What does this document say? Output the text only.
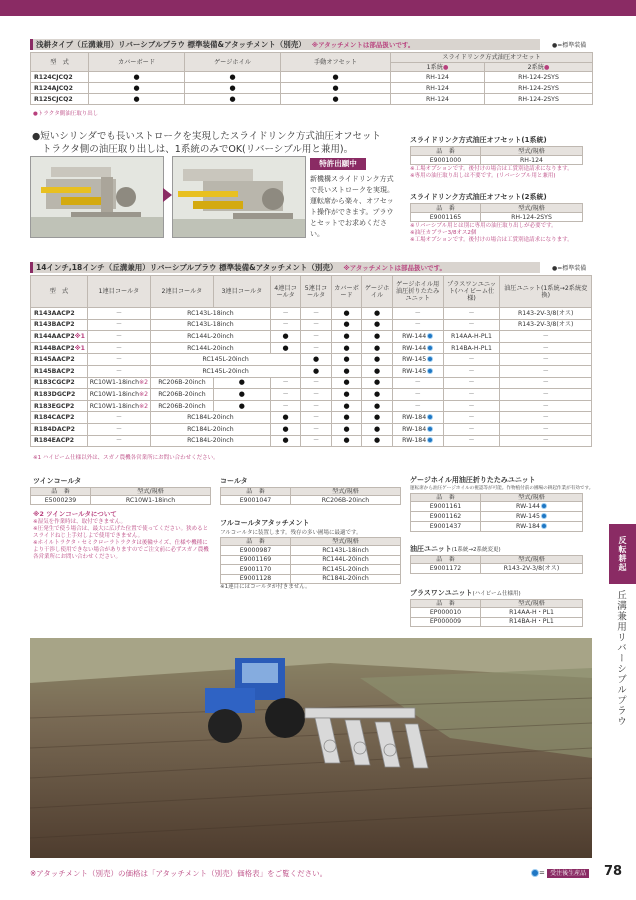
浅耕タイプ（丘溝兼用）リバーシブルプラウ 標準装備&アタッチメント（別売） ※アタッチメントは部品扱いです。	●=標準装備
型　式	カバーボード	ゲージホイル	手動オフセット	スライドリンク方式油圧オフセット	
				1系統●	2系統●
R124CJCQ2	●	●	●	RH-124	RH-124-2SYS
R124AJCQ2	●	●	●	RH-124	RH-124-2SYS
R125CJCQ2	●	●	●	RH-124	RH-124-2SYS
●トラクタ側油圧取り出し
●短いシリンダでも長いストロークを実現したスライドリンク方式油圧オフセット
トラクタ側の油圧取り出しは、1系統のみでOK(リバーシブル用と兼用)。
特許出願中
新機構スライドリンク方式で長いストロークを実現。運転席から楽々、オフセット操作ができます。プラウとセットでお求めください。
スライドリンク方式油圧オフセット(1系統)
品　番	型式/規格
E9001000	RH-124
※工場オプションです。後付けの場合は工賃別途請求になります。
※専用の油圧取り出しは不要です。(リバーシブル用と兼用)
スライドリンク方式油圧オフセット(2系統)
品　番	型式/規格
E9001165	RH-124-2SYS
※リバーシブル用とは別に専用の油圧取り出しが必要です。
※油圧カプラー3/8オス2個
※工場オプションです。後付けの場合は工賃別途請求になります。
14インチ,18インチ（丘溝兼用）リバーシブルプラウ 標準装備&アタッチメント（別売） ※アタッチメントは部品扱いです。	●=標準装備
型　式	1連目コールタ	2連目コールタ	3連目コールタ	4連目コールタ	5連目コールタ	カバーボード	ゲージホイル	ゲージホイル用油圧折りたたみユニット	プラスワンユニット(ハイビーム仕様)	油圧ユニット(1系統→2系統変換)
R143AACP2	－	RC143L-18inch		－	－	●	●	－	－	R143-2V-3/8(オス)
R143BACP2	－	RC143L-18inch		－	－	●	●	－	－	R143-2V-3/8(オス)
R144AACP2※1	－	RC144L-20inch		●	－	●	●	RW-144	R14AA-H-PL1	－
R144BACP2※1	－	RC144L-20inch		●	－	●	●	RW-144	R14BA-H-PL1	－
R145AACP2	－	RC145L-20inch			●	●	●	RW-145	－	－
R145BACP2	－	RC145L-20inch			●	●	●	RW-145	－	－
R183CGCP2	RC10W1-18inch※2	RC206B-20inch	●	－	－	●	●	－	－	－
R183DGCP2	RC10W1-18inch※2	RC206B-20inch	●	－	－	●	●	－	－	－
R183EGCP2	RC10W1-18inch※2	RC206B-20inch	●	－	－	●	●	－	－	－
R184CACP2	－	RC184L-20inch		●	－	●	●	RW-184	－	－
R184DACP2	－	RC184L-20inch		●	－	●	●	RW-184	－	－
R184EACP2	－	RC184L-20inch		●	－	●	●	RW-184	－	－
※1 ハイビーム仕様以外は、スガノ農機各営業所にお問い合わせください。
ツインコールタ
品　番	型式/規格
E5000239	RC10W1-18inch
※2 ツインコールタについて
※湿気を作業時は、取付できません。
※圧発生で使う場合は、最大に広げた位置で使ってください。狭めるとスライドねじ上手対しよで使用できません。
※ホイルトラクタ・セミクローラトラクタは後輪サイズ、仕様や機種により干渉し使用できない場合がありますのでご注文前に必ずスガノ農機各営業所にお問い合わせください。
コールタ
品　番	型式/規格
E9001047	RC206B-20inch
フルコールタアタッチメント
フルコールタに装置します。残存の多い圃場に最適です。
品　番	型式/規格
E9000987	RC143L-18inch
E9001169	RC144L-20inch
E9001170	RC145L-20inch
E9001128	RC184L-20inch
※1連目にはコールタが付きません。
ゲージホイル用油圧折りたたみユニット
運転席から油圧ゲージホイルの視認等が可能。作物植付前の圃場の耕起作業が有効です。
品　番	型式/規格
E9001161	RW-144
E9001162	RW-145
E9001437	RW-184
油圧ユニット(1系統→2系統変更)
品　番	型式/規格
E9001172	R143-2V-3/8(オス)
プラスワンユニット(ハイビーム仕様用)
品　番	型式/規格
EP000010	R14AA-H・PL1
EP000009	R14BA-H・PL1
反転耕起
丘溝兼用リバーシブルプラウ
※アタッチメント（別売）の価格は「アタッチメント（別売）価格表」をご覧ください。	= 受注後生産品 78
